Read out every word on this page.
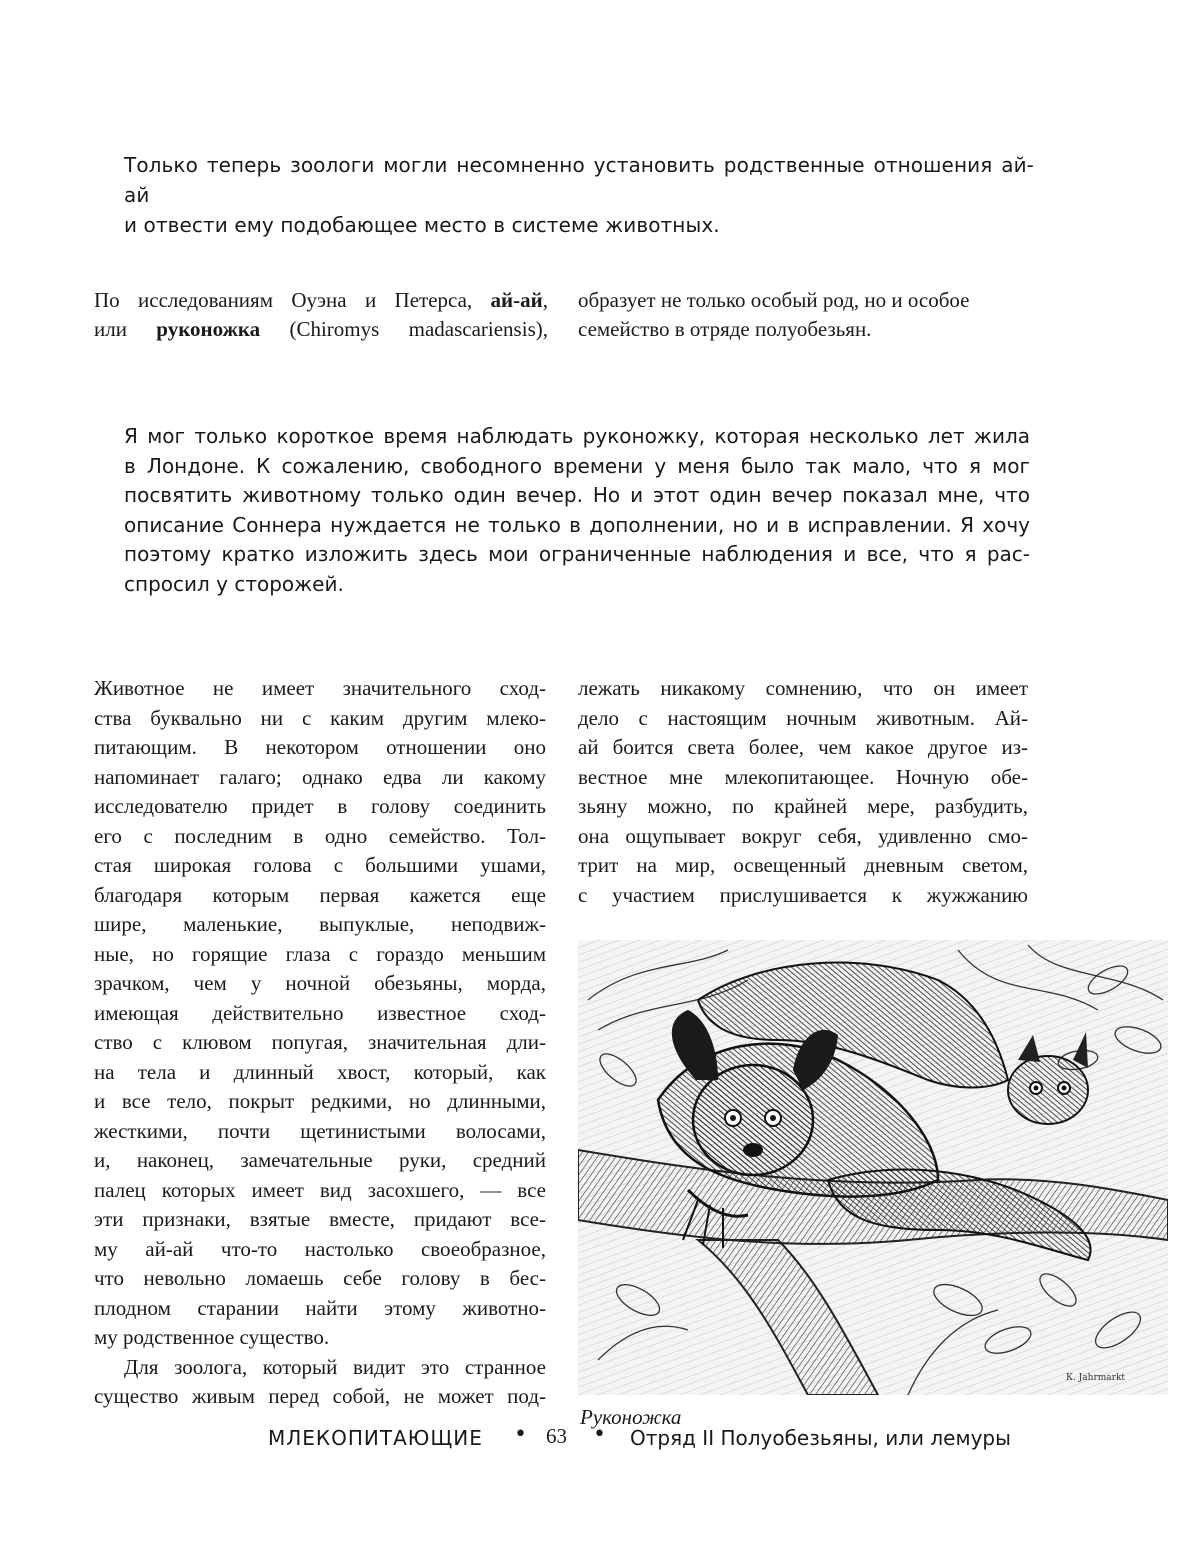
Только теперь зоологи могли несомненно установить родственные отношения ай-ай

и отвести ему подобающее место в системе животных.

По исследованиям Оуэна и Петерса, ай-ай,
или руконожка (Chiromys madascariensis),
образует не только особый род, но и особое
семейство в отряде полуобезьян.
Я мог только короткое время наблюдать руконожку, которая несколько лет жила
в Лондоне. К сожалению, свободного времени у меня было так мало, что я мог
посвятить животному только один вечер. Но и этот один вечер показал мне, что
описание Соннера нуждается не только в дополнении, но и в исправлении. Я хочу
поэтому кратко изложить здесь мои ограниченные наблюдения и все, что я рас-
спросил у сторожей.
Животное не имеет значительного сход-
ства буквально ни с каким другим млеко-
питающим. В некотором отношении оно
напоминает галаго; однако едва ли какому
исследователю придет в голову соединить
его с последним в одно семейство. Тол-
стая широкая голова с большими ушами,
благодаря которым первая кажется еще
шире, маленькие, выпуклые, неподвиж-
ные, но горящие глаза с гораздо меньшим
зрачком, чем у ночной обезьяны, морда,
имеющая действительно известное сход-
ство с клювом попугая, значительная дли-
на тела и длинный хвост, который, как
и все тело, покрыт редкими, но длинными,
жесткими, почти щетинистыми волосами,
и, наконец, замечательные руки, средний
палец которых имеет вид засохшего, — все
эти признаки, взятые вместе, придают все-
му ай-ай что-то настолько своеобразное,
что невольно ломаешь себе голову в бес-
плодном старании найти этому животно-
му родственное существо.
Для зоолога, который видит это странное
существо живым перед собой, не может под-
лежать никакому сомнению, что он имеет
дело с настоящим ночным животным. Ай-
ай боится света более, чем какое другое из-
вестное мне млекопитающее. Ночную обе-
зьяну можно, по крайней мере, разбудить,
она ощупывает вокруг себя, удивленно смо-
трит на мир, освещенный дневным светом,
с участием прислушивается к жужжанию
К. Jahrmarkt
Руконожка
МЛЕКОПИТАЮЩИЕ • 63 • Отряд II Полуобезьяны, или лемуры
